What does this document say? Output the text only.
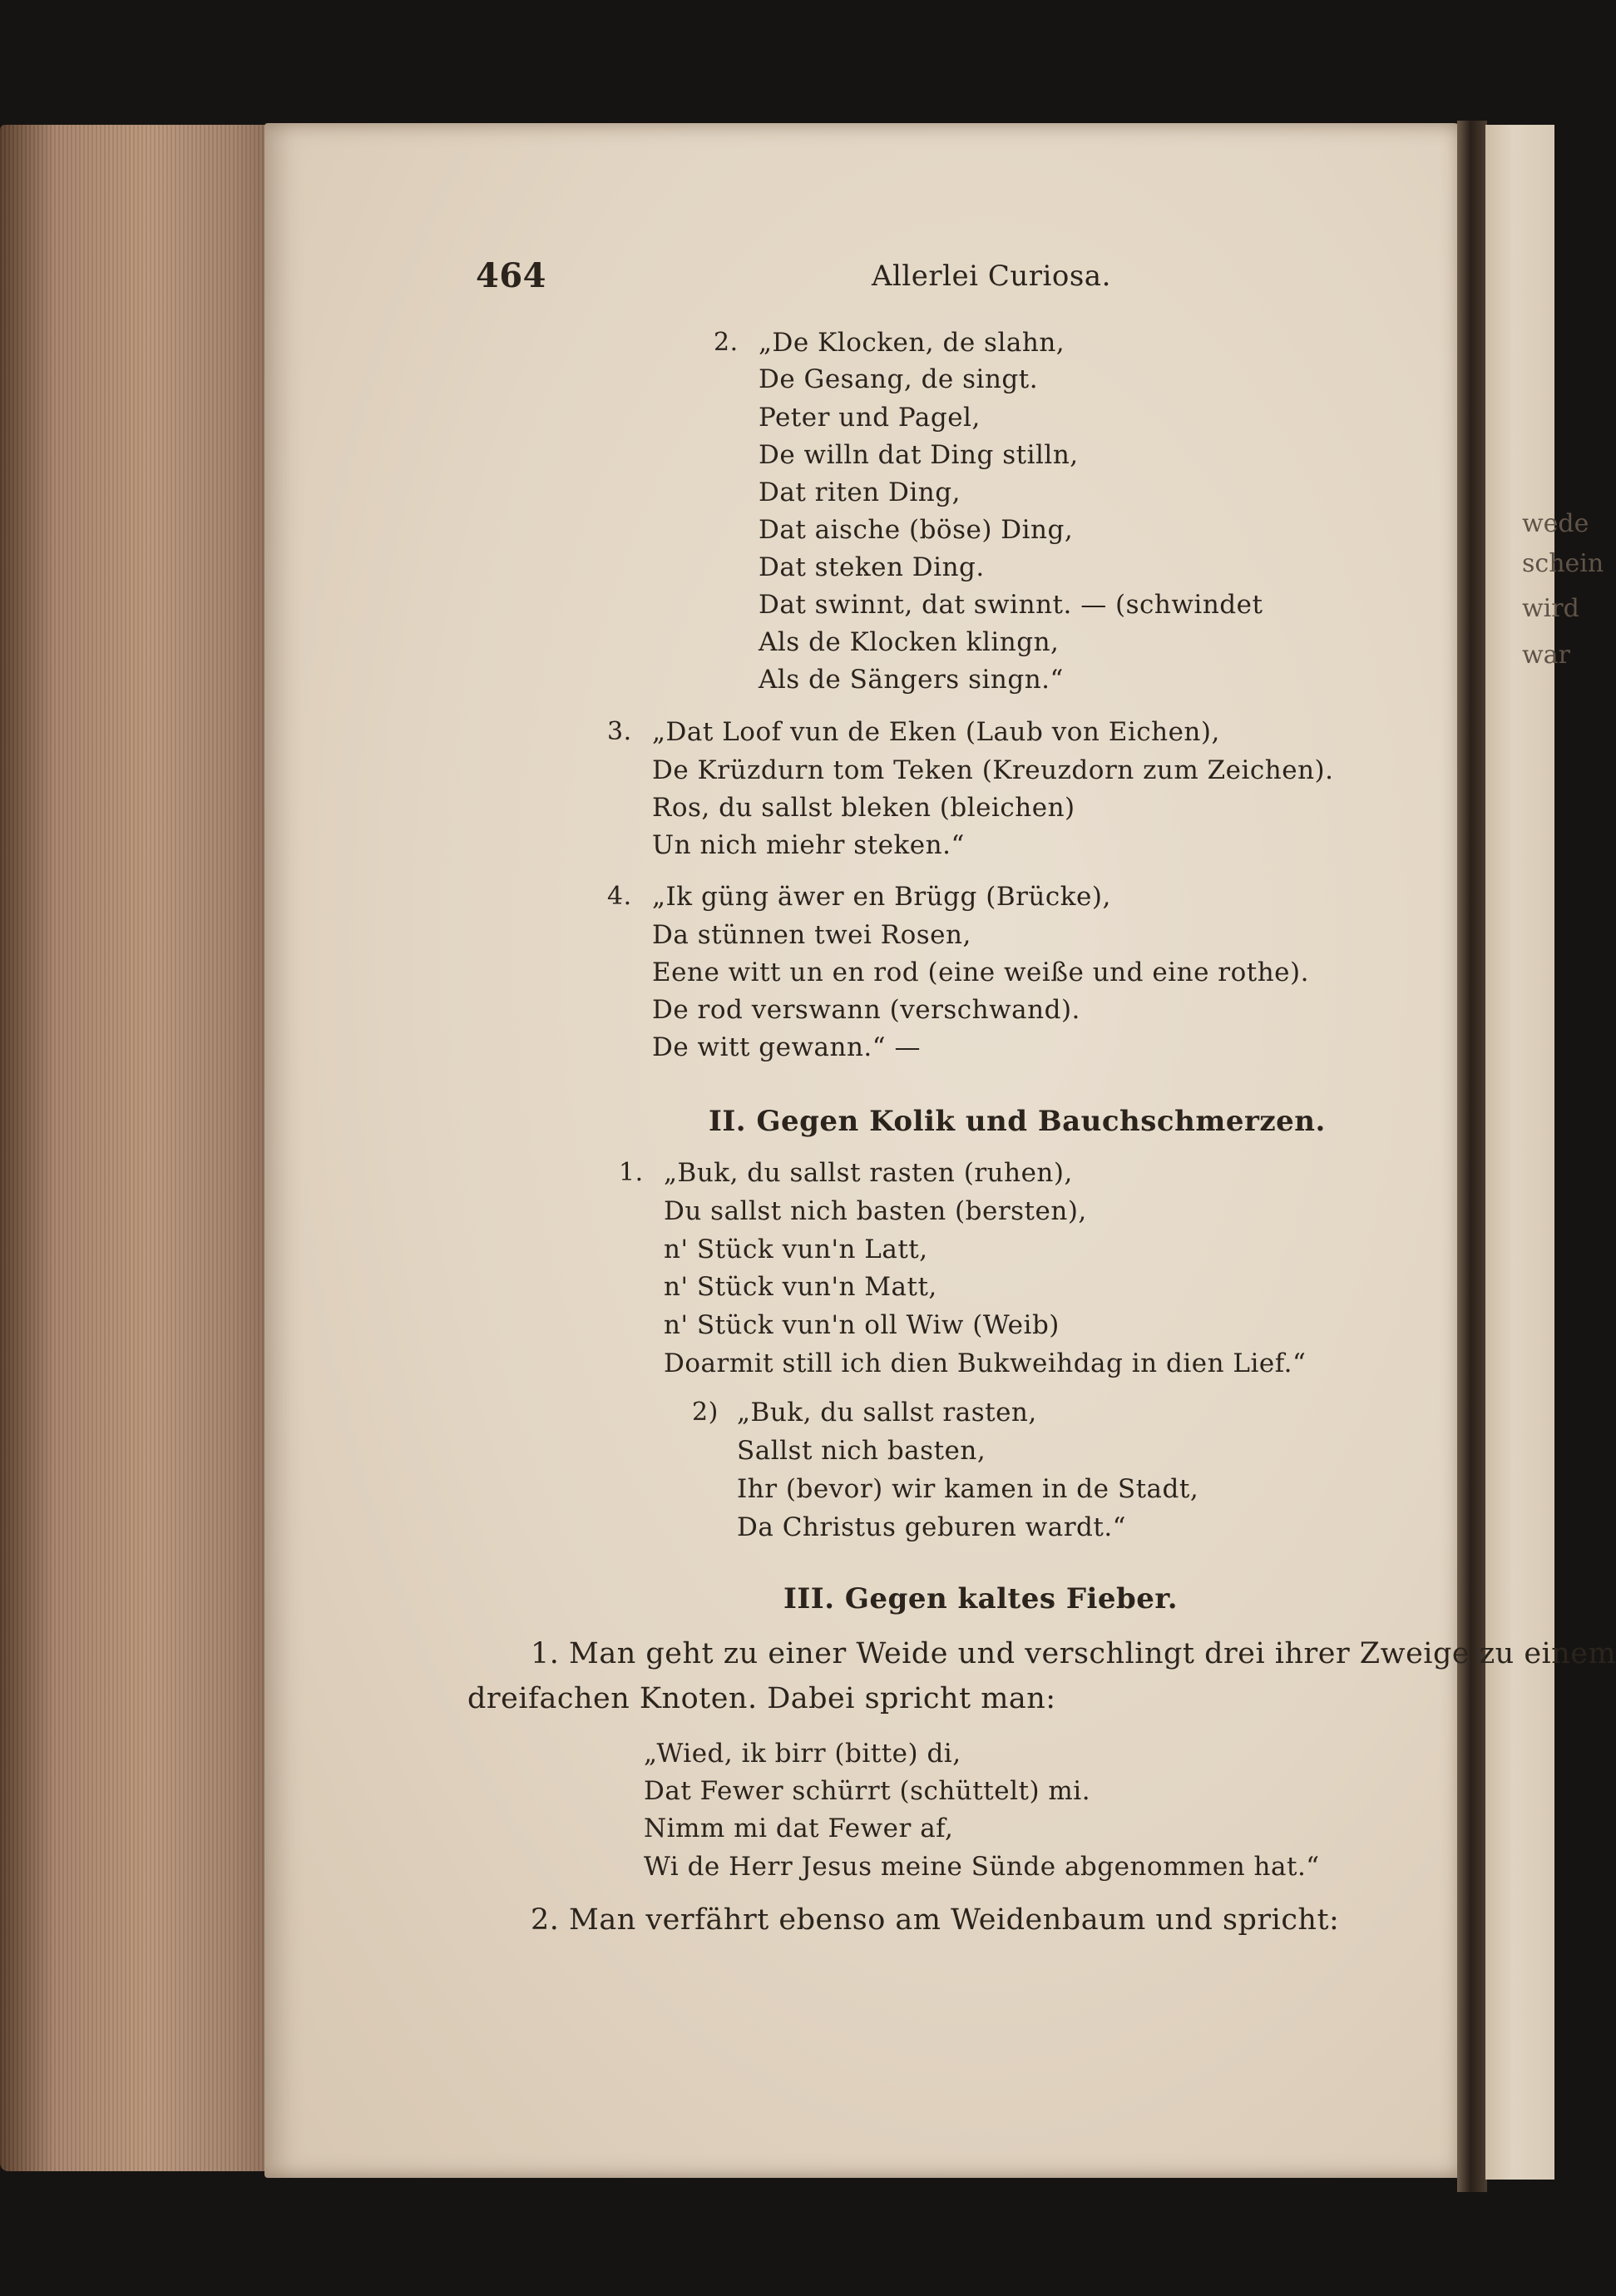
wede
schein
wird
war
464	Allerlei Curiosa.
2. „De Klocken, de slahn,
De Gesang, de singt.
Peter und Pagel,
De willn dat Ding stilln,
Dat riten Ding,
Dat aische (böse) Ding,
Dat steken Ding.
Dat swinnt, dat swinnt. — (schwindet
Als de Klocken klingn,
Als de Sängers singn.“
3. „Dat Loof vun de Eken (Laub von Eichen),
De Krüzdurn tom Teken (Kreuzdorn zum Zeichen).
Ros, du sallst bleken (bleichen)
Un nich miehr steken.“
4. „Ik güng äwer en Brügg (Brücke),
Da stünnen twei Rosen,
Eene witt un en rod (eine weiße und eine rothe).
De rod verswann (verschwand).
De witt gewann.“ —
II. Gegen Kolik und Bauchschmerzen.
1. „Buk, du sallst rasten (ruhen),
Du sallst nich basten (bersten),
n' Stück vun'n Latt,
n' Stück vun'n Matt,
n' Stück vun'n oll Wiw (Weib)
Doarmit still ich dien Bukweihdag in dien Lief.“
2) „Buk, du sallst rasten,
Sallst nich basten,
Ihr (bevor) wir kamen in de Stadt,
Da Christus geburen wardt.“
III. Gegen kaltes Fieber.
1. Man geht zu einer Weide und verschlingt drei ihrer Zweige zu einem
dreifachen Knoten. Dabei spricht man:
„Wied, ik birr (bitte) di,
Dat Fewer schürrt (schüttelt) mi.
Nimm mi dat Fewer af,
Wi de Herr Jesus meine Sünde abgenommen hat.“
2. Man verfährt ebenso am Weidenbaum und spricht:
